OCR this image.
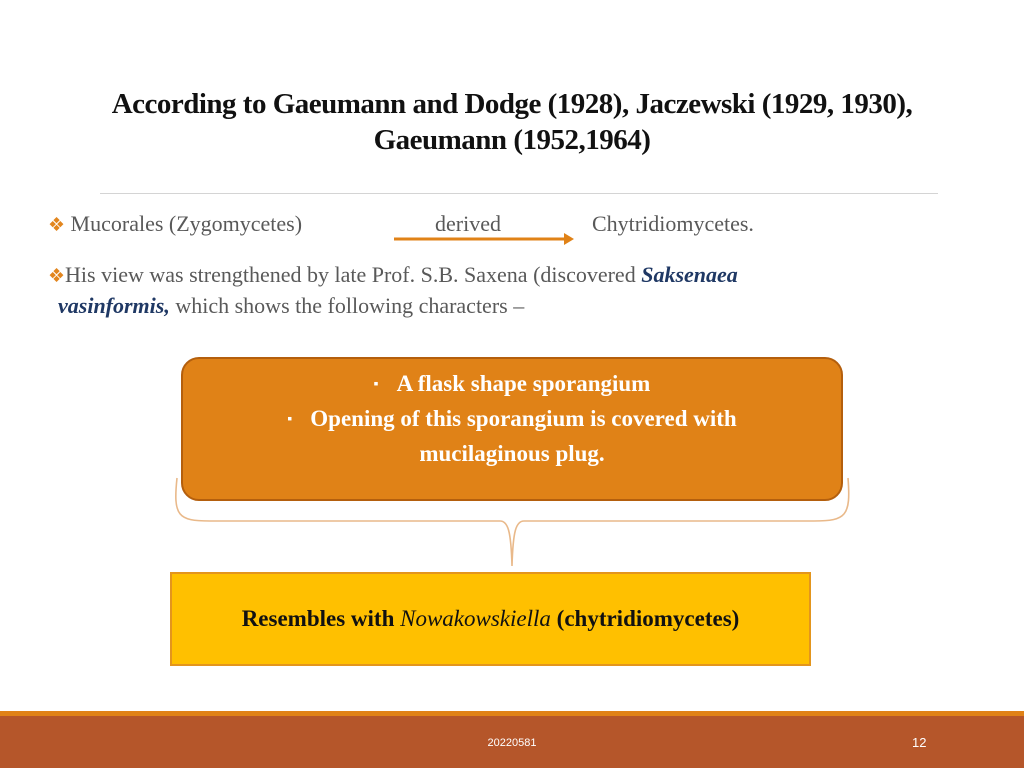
According to Gaeumann and Dodge (1928), Jaczewski (1929, 1930),
Gaeumann (1952,1964)
❖ Mucorales (Zygomycetes)	derived	Chytridiomycetes.
❖His view was strengthened by late Prof. S.B. Saxena (discovered Saksenaea
vasinformis, which shows the following characters –
▪ A flask shape sporangium
▪ Opening of this sporangium is covered with
mucilaginous plug.
Resembles with Nowakowskiella (chytridiomycetes)
20220581	12
